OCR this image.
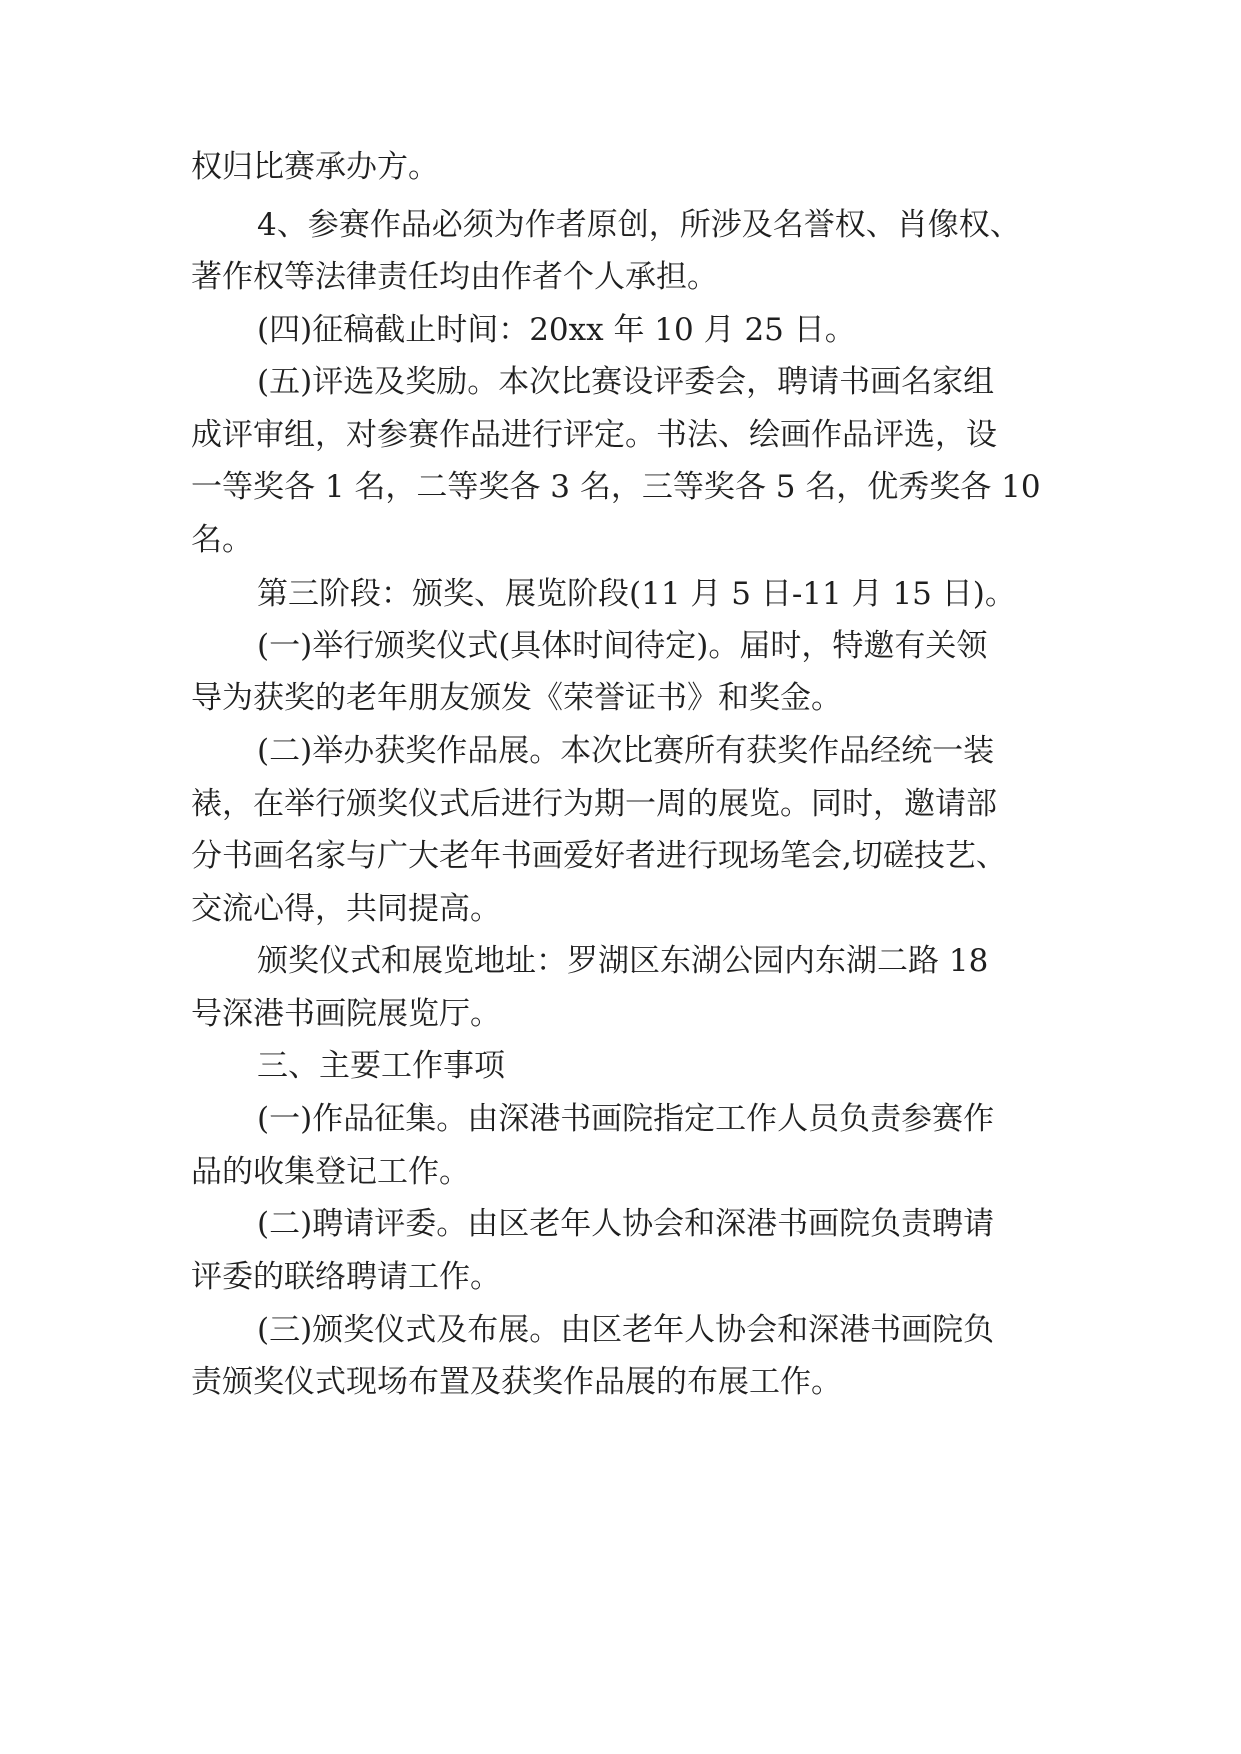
权归比赛承办方。
4、参赛作品必须为作者原创，所涉及名誉权、肖像权、
著作权等法律责任均由作者个人承担。
(四)征稿截止时间：20xx 年 10 月 25 日。
(五)评选及奖励。本次比赛设评委会，聘请书画名家组
成评审组，对参赛作品进行评定。书法、绘画作品评选，设
一等奖各 1 名，二等奖各 3 名，三等奖各 5 名，优秀奖各 10
名。
第三阶段：颁奖、展览阶段(11 月 5 日-11 月 15 日)。
(一)举行颁奖仪式(具体时间待定)。届时，特邀有关领
导为获奖的老年朋友颁发《荣誉证书》和奖金。
(二)举办获奖作品展。本次比赛所有获奖作品经统一装
裱，在举行颁奖仪式后进行为期一周的展览。同时，邀请部
分书画名家与广大老年书画爱好者进行现场笔会,切磋技艺、
交流心得，共同提高。
颁奖仪式和展览地址：罗湖区东湖公园内东湖二路 18
号深港书画院展览厅。
三、主要工作事项
(一)作品征集。由深港书画院指定工作人员负责参赛作
品的收集登记工作。
(二)聘请评委。由区老年人协会和深港书画院负责聘请
评委的联络聘请工作。
(三)颁奖仪式及布展。由区老年人协会和深港书画院负
责颁奖仪式现场布置及获奖作品展的布展工作。
